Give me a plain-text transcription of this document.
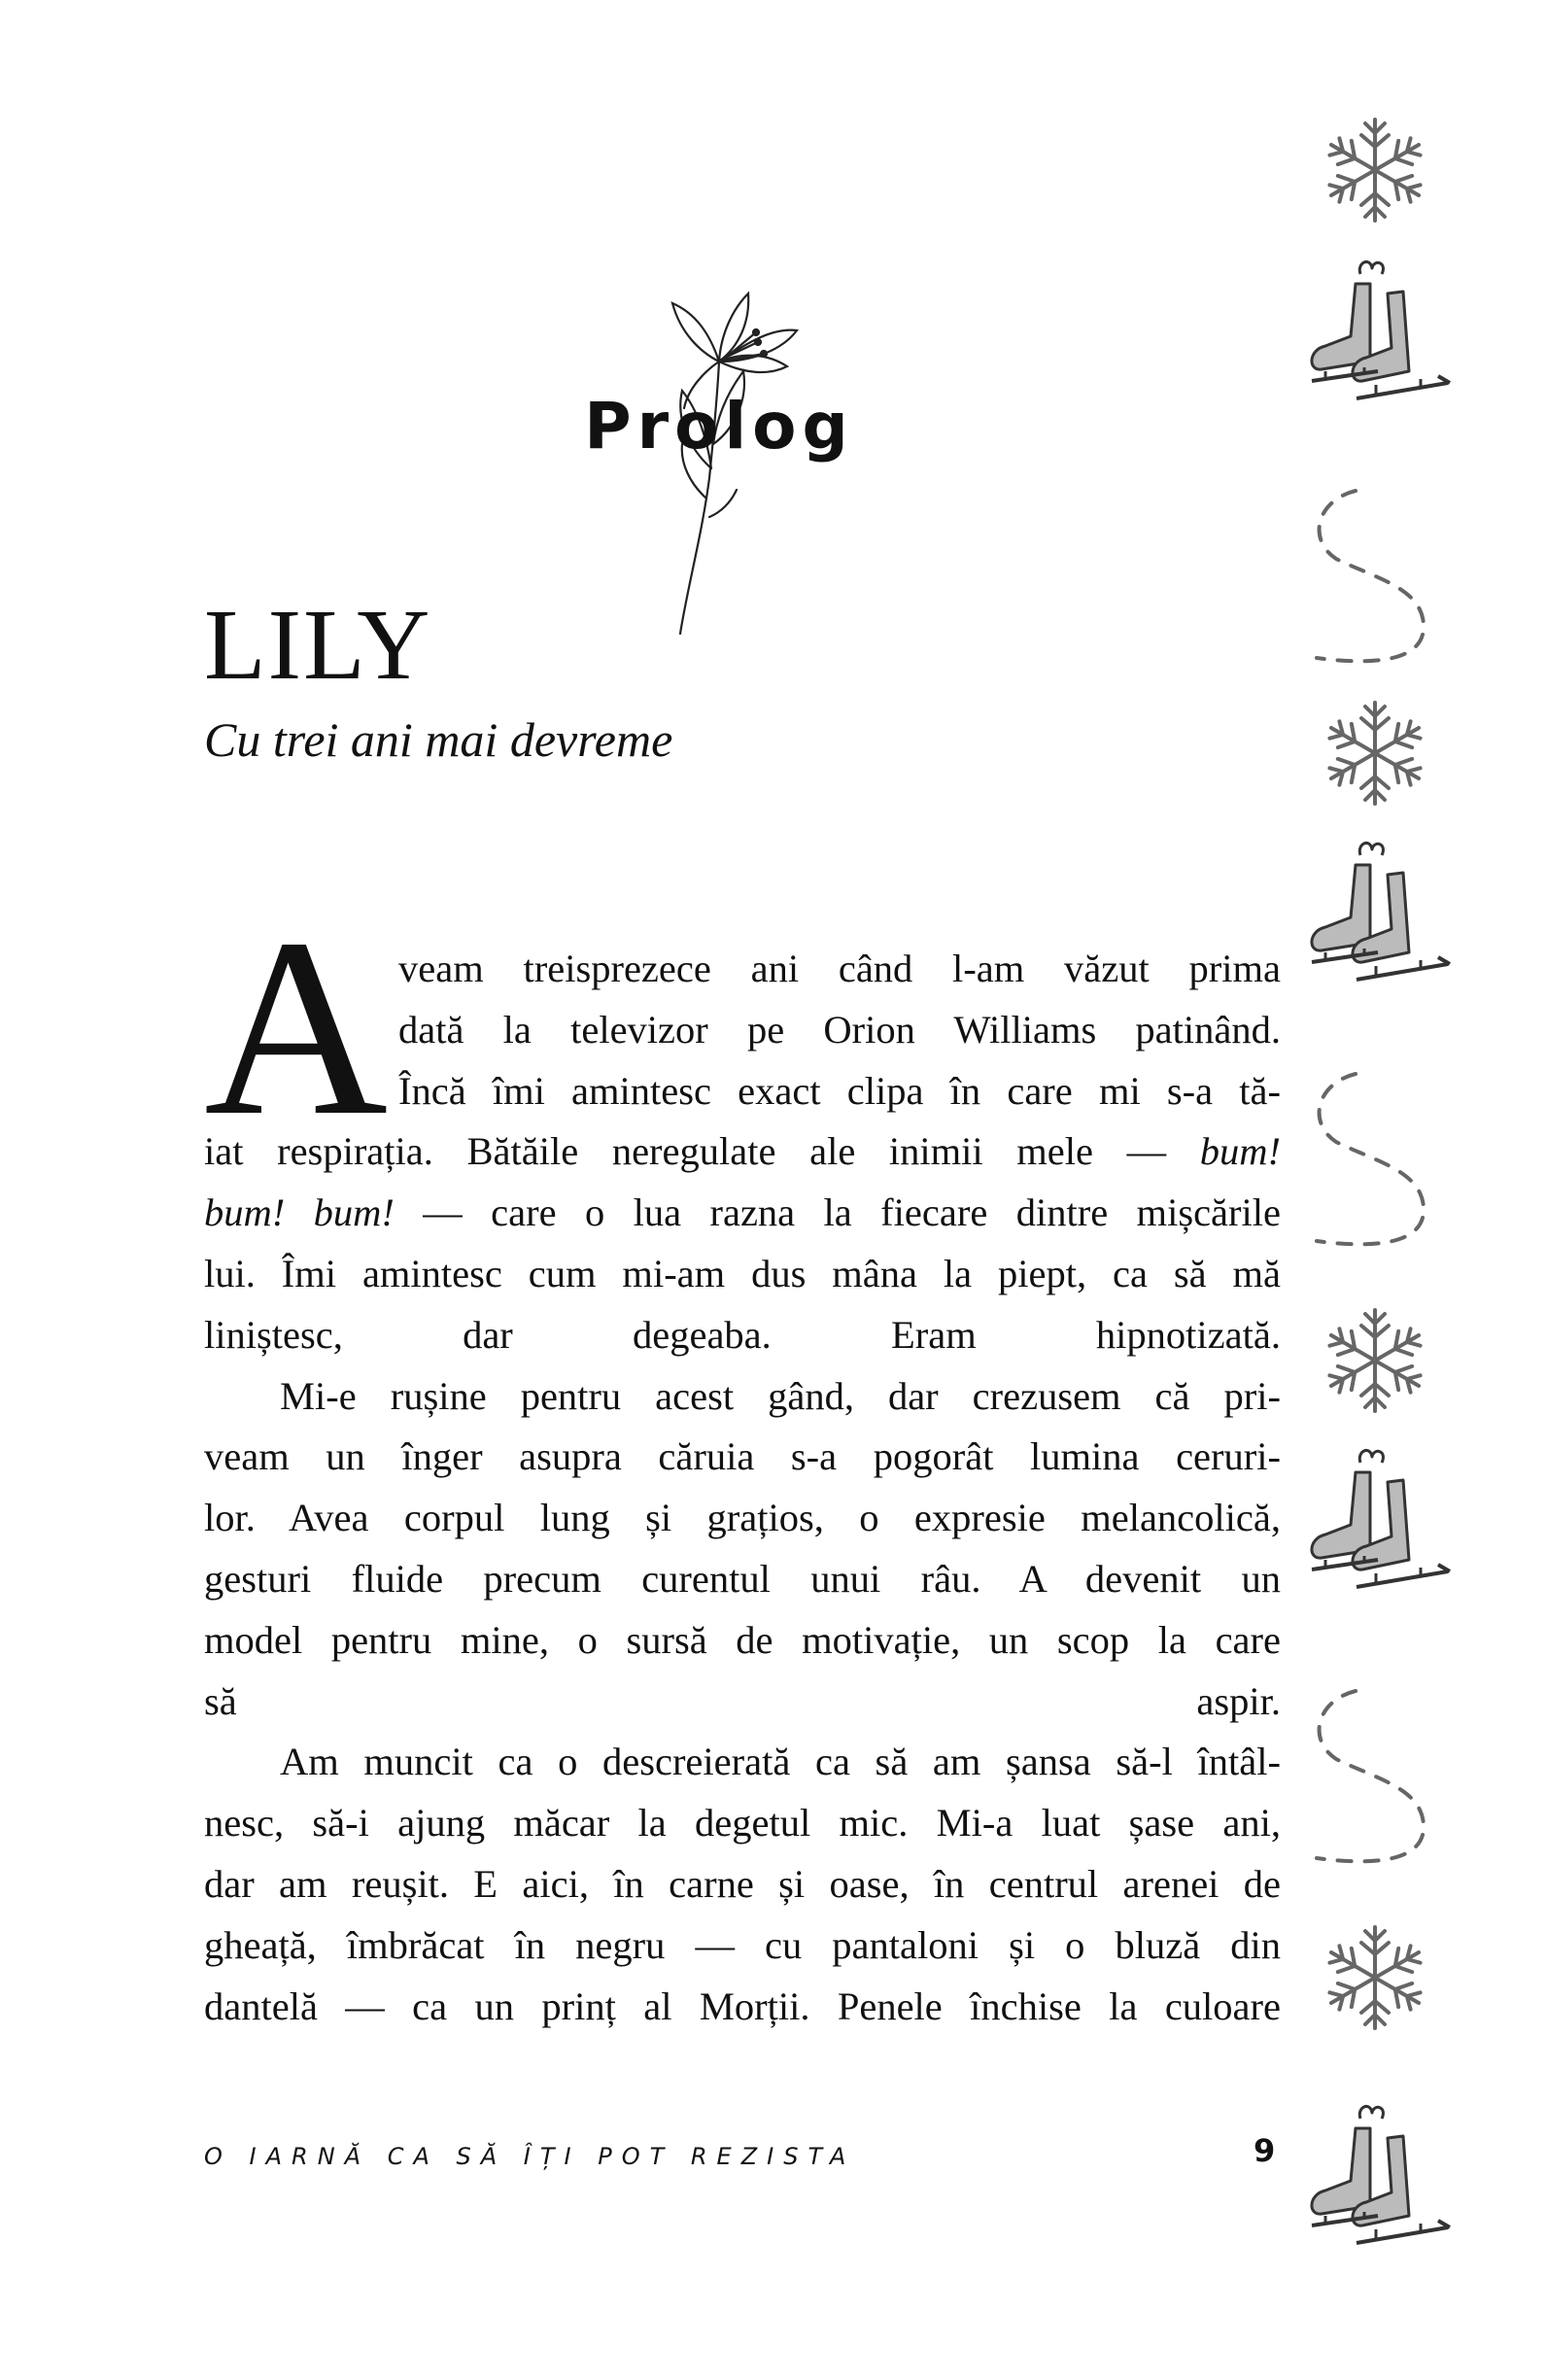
Prolog
LILY
Cu trei ani mai devreme
A veam treisprezece ani când l-am văzut prima
dată la televizor pe Orion Williams patinând.
Încă îmi amintesc exact clipa în care mi s-a tă-
iat respirația. Bătăile neregulate ale inimii mele — bum!
bum! bum! — care o lua razna la fiecare dintre mișcările
lui. Îmi amintesc cum mi-am dus mâna la piept, ca să mă
liniștesc, dar degeaba. Eram hipnotizată.
Mi-e rușine pentru acest gând, dar crezusem că pri-
veam un înger asupra căruia s-a pogorât lumina ceruri-
lor. Avea corpul lung și grațios, o expresie melancolică,
gesturi fluide precum curentul unui râu. A devenit un
model pentru mine, o sursă de motivație, un scop la care
să aspir.
Am muncit ca o descreierată ca să am șansa să-l întâl-
nesc, să-i ajung măcar la degetul mic. Mi-a luat șase ani,
dar am reușit. E aici, în carne și oase, în centrul arenei de
gheață, îmbrăcat în negru — cu pantaloni și o bluză din
dantelă — ca un prinț al Morții. Penele închise la culoare
O IARNĂ CA SĂ ÎȚI POT REZISTA	9
